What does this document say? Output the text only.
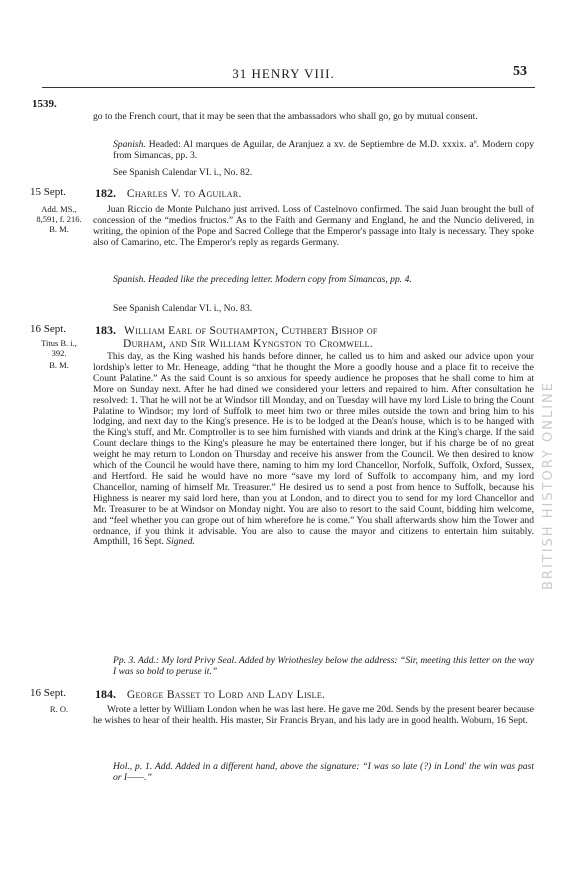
31 HENRY VIII.	53
1539.
go to the French court, that it may be seen that the ambassadors who shall go, go by mutual consent.
Spanish. Headed: Al marques de Aguilar, de Aranjuez a xv. de Septiembre de M.D. xxxix. aº. Modern copy from Simancas, pp. 3.
See Spanish Calendar VI. i., No. 82.
15 Sept.	182. Charles V. to Aguilar.
Add. MS.,
8,591, f. 216.
B. M.
Juan Riccio de Monte Pulchano just arrived. Loss of Castelnovo confirmed. The said Juan brought the bull of concession of the “medios fructos.” As to the Faith and Germany and England, he and the Nuncio delivered, in writing, the opinion of the Pope and Sacred College that the Emperor's passage into Italy is necessary. They spoke also of Camarino, etc. The Emperor's reply as regards Germany.
Spanish. Headed like the preceding letter. Modern copy from Simancas, pp. 4.
See Spanish Calendar VI. i., No. 83.
16 Sept.	183. William Earl of Southampton, Cuthbert Bishop of
Durham, and Sir William Kyngston to Cromwell.
Titus B. i.,
392.
B. M.
This day, as the King washed his hands before dinner, he called us to him and asked our advice upon your lordship's letter to Mr. Heneage, adding “that he thought the More a goodly house and a place fit to receive the Count Palatine.” As the said Count is so anxious for speedy audience he proposes that he shall come to him at More on Sunday next. After he had dined we considered your letters and repaired to him. After consultation he resolved: 1. That he will not be at Windsor till Monday, and on Tuesday will have my lord Lisle to bring the Count Palatine to Windsor; my lord of Suffolk to meet him two or three miles outside the town and bring him to his lodging, and next day to the King's presence. He is to be lodged at the Dean's house, which is to be hanged with the King's stuff, and Mr. Comptroller is to see him furnished with viands and drink at the King's charge. If the said Count declare things to the King's pleasure he may be entertained there longer, but if his charge be of no great weight he may return to London on Thursday and receive his answer from the Council. We then desired to know which of the Council he would have there, naming to him my lord Chancellor, Norfolk, Suffolk, Oxford, Sussex, and Hertford. He said he would have no more “save my lord of Suffolk to accompany him, and my lord Chancellor, naming of himself Mr. Treasurer.” He desired us to send a post from hence to Suffolk, because his Highness is nearer my said lord here, than you at London, and to direct you to send for my lord Chancellor and Mr. Treasurer to be at Windsor on Monday night. You are also to resort to the said Count, bidding him welcome, and “feel whether you can grope out of him wherefore he is come.” You shall afterwards show him the Tower and ordnance, if you think it advisable. You are also to cause the mayor and citizens to entertain him suitably. Ampthill, 16 Sept. Signed.
Pp. 3. Add.: My lord Privy Seal. Added by Wriothesley below the address: “Sir, meeting this letter on the way I was so bold to peruse it.”
16 Sept.	184. George Basset to Lord and Lady Lisle.
R. O.	Wrote a letter by William London when he was last here. He gave me 20d. Sends by the present bearer because he wishes to hear of their health. His master, Sir Francis Bryan, and his lady are in good health. Woburn, 16 Sept.
Hol., p. 1. Add. Added in a different hand, above the signature: “I was so late (?) in Lond' the win was past or I——.”
BRITISH HISTORY ONLINE
